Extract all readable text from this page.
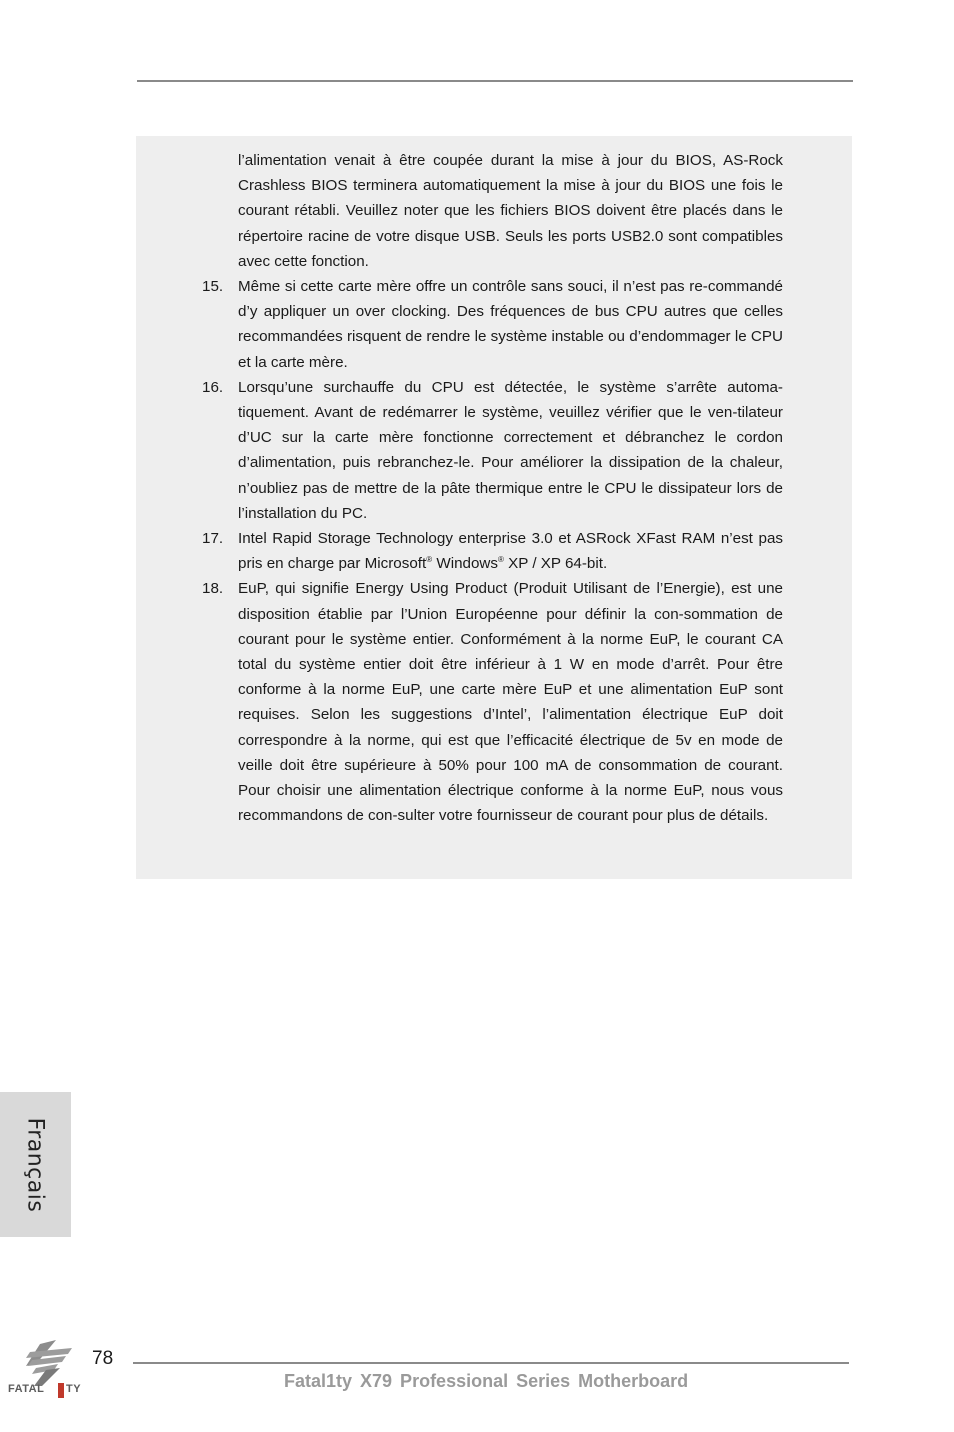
l’alimentation venait à être coupée durant la mise à jour du BIOS, AS-Rock Crashless BIOS terminera automatiquement la mise à jour du BIOS une fois le courant rétabli. Veuillez noter que les fichiers BIOS doivent être placés dans le répertoire racine de votre disque USB. Seuls les ports USB2.0 sont compatibles avec cette fonction.
15. Même si cette carte mère offre un contrôle sans souci, il n’est pas re-commandé d’y appliquer un over clocking. Des fréquences de bus CPU autres que celles recommandées risquent de rendre le système instable ou d’endommager le CPU et la carte mère.
16. Lorsqu’une surchauffe du CPU est détectée, le système s’arrête automa-tiquement. Avant de redémarrer le système, veuillez vérifier que le ven-tilateur d’UC sur la carte mère fonctionne correctement et débranchez le cordon d’alimentation, puis rebranchez-le. Pour améliorer la dissipation de la chaleur, n’oubliez pas de mettre de la pâte thermique entre le CPU le dissipateur lors de l’installation du PC.
17. Intel Rapid Storage Technology enterprise 3.0 et ASRock XFast RAM n’est pas pris en charge par Microsoft® Windows® XP / XP 64-bit.
18. EuP, qui signifie Energy Using Product (Produit Utilisant de l’Energie), est une disposition établie par l’Union Européenne pour définir la con-sommation de courant pour le système entier. Conformément à la norme EuP, le courant CA total du système entier doit être inférieur à 1 W en mode d’arrêt. Pour être conforme à la norme EuP, une carte mère EuP et une alimentation EuP sont requises. Selon les suggestions d’Intel’, l’alimentation électrique EuP doit correspondre à la norme, qui est que l’efficacité électrique de 5v en mode de veille doit être supérieure à 50% pour 100 mA de consommation de courant. Pour choisir une alimentation électrique conforme à la norme EuP, nous vous recommandons de con-sulter votre fournisseur de courant pour plus de détails.
Français
FATAL TY
78
Fatal1ty X79 Professional Series Motherboard
